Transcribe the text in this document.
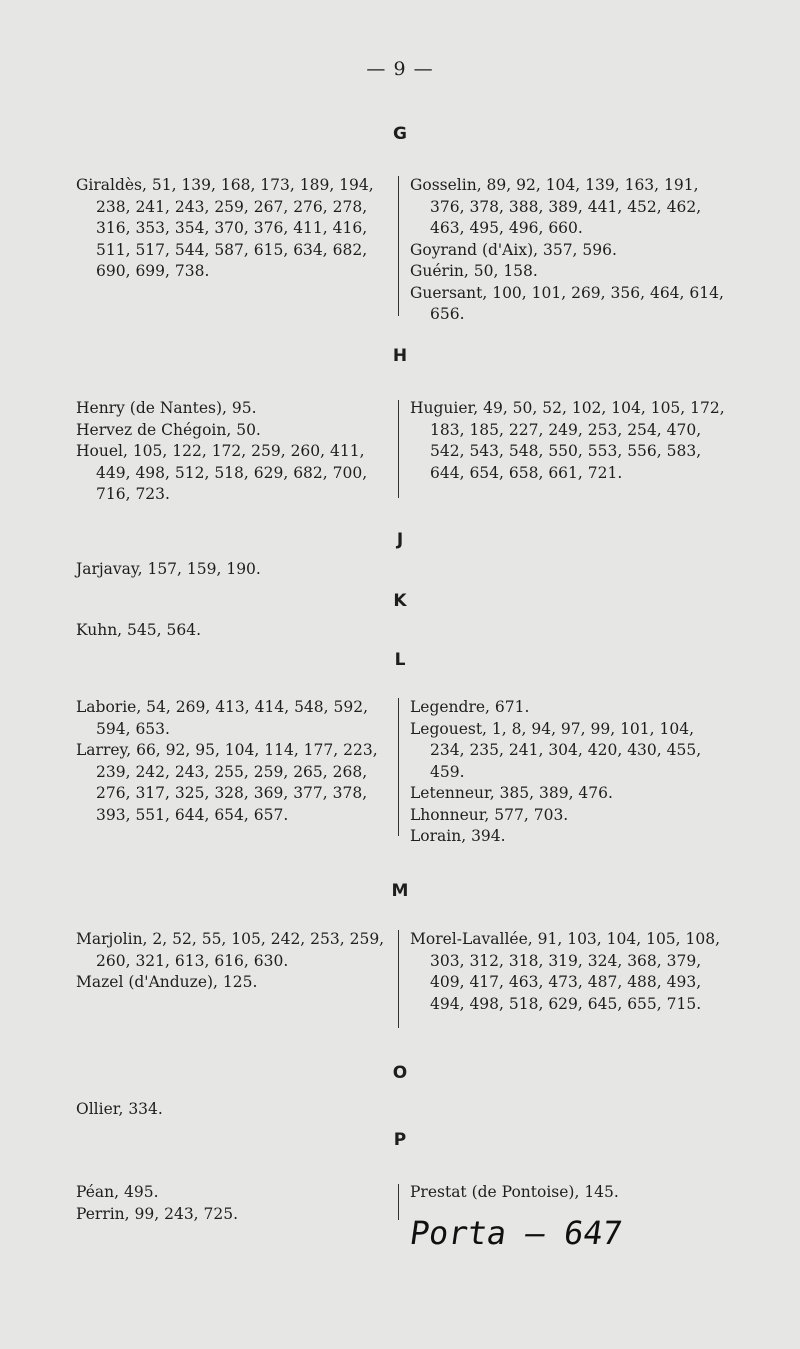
— 9 —
G

Giraldès, 51, 139, 168, 173, 189, 194, 238, 241, 243, 259, 267, 276, 278, 316, 353, 354, 370, 376, 411, 416, 511, 517, 544, 587, 615, 634, 682, 690, 699, 738.

Gosselin, 89, 92, 104, 139, 163, 191, 376, 378, 388, 389, 441, 452, 462, 463, 495, 496, 660.

Goyrand (d'Aix), 357, 596.

Guérin, 50, 158.

Guersant, 100, 101, 269, 356, 464, 614, 656.

H

Henry (de Nantes), 95.

Hervez de Chégoin, 50.

Houel, 105, 122, 172, 259, 260, 411, 449, 498, 512, 518, 629, 682, 700, 716, 723.

Huguier, 49, 50, 52, 102, 104, 105, 172, 183, 185, 227, 249, 253, 254, 470, 542, 543, 548, 550, 553, 556, 583, 644, 654, 658, 661, 721.

J

Jarjavay, 157, 159, 190.

K

Kuhn, 545, 564.

L

Laborie, 54, 269, 413, 414, 548, 592, 594, 653.

Larrey, 66, 92, 95, 104, 114, 177, 223, 239, 242, 243, 255, 259, 265, 268, 276, 317, 325, 328, 369, 377, 378, 393, 551, 644, 654, 657.

Legendre, 671.

Legouest, 1, 8, 94, 97, 99, 101, 104, 234, 235, 241, 304, 420, 430, 455, 459.

Letenneur, 385, 389, 476.

Lhonneur, 577, 703.

Lorain, 394.

M

Marjolin, 2, 52, 55, 105, 242, 253, 259, 260, 321, 613, 616, 630.

Mazel (d'Anduze), 125.

Morel-Lavallée, 91, 103, 104, 105, 108, 303, 312, 318, 319, 324, 368, 379, 409, 417, 463, 473, 487, 488, 493, 494, 498, 518, 629, 645, 655, 715.

O

Ollier, 334.

P

Péan, 495.

Perrin, 99, 243, 725.

Prestat (de Pontoise), 145.

Porta — 647
